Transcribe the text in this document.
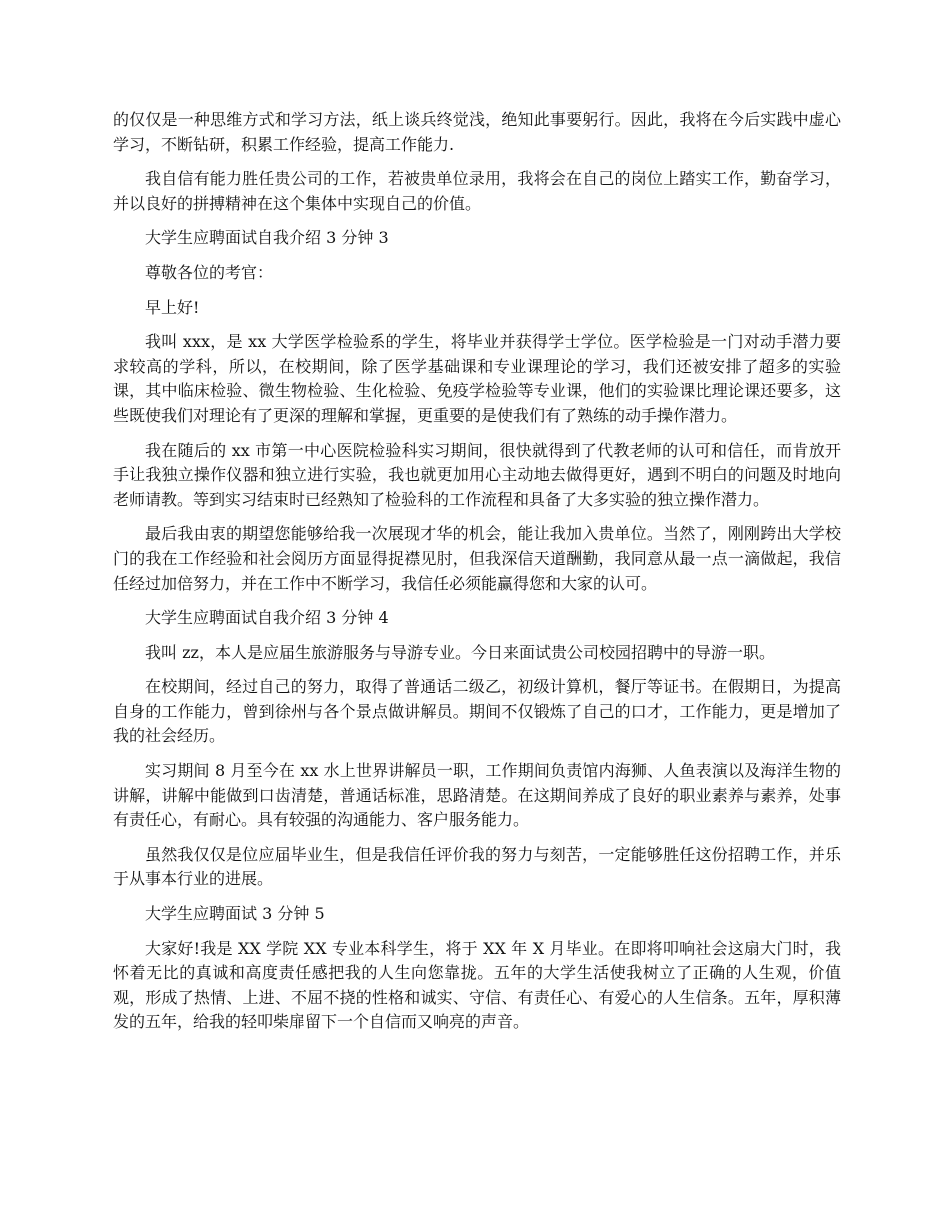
的仅仅是一种思维方式和学习方法，纸上谈兵终觉浅，绝知此事要躬行。因此，我将在今后实践中虚心学习，不断钻研，积累工作经验，提高工作能力.

我自信有能力胜任贵公司的工作，若被贵单位录用，我将会在自己的岗位上踏实工作，勤奋学习，并以良好的拼搏精神在这个集体中实现自己的价值。

大学生应聘面试自我介绍 3 分钟 3

尊敬各位的考官：

早上好!

我叫 xxx，是 xx 大学医学检验系的学生，将毕业并获得学士学位。医学检验是一门对动手潜力要求较高的学科，所以，在校期间，除了医学基础课和专业课理论的学习，我们还被安排了超多的实验课，其中临床检验、微生物检验、生化检验、免疫学检验等专业课，他们的实验课比理论课还要多，这些既使我们对理论有了更深的理解和掌握，更重要的是使我们有了熟练的动手操作潜力。

我在随后的 xx 市第一中心医院检验科实习期间，很快就得到了代教老师的认可和信任，而肯放开手让我独立操作仪器和独立进行实验，我也就更加用心主动地去做得更好，遇到不明白的问题及时地向老师请教。等到实习结束时已经熟知了检验科的工作流程和具备了大多实验的独立操作潜力。

最后我由衷的期望您能够给我一次展现才华的机会，能让我加入贵单位。当然了，刚刚跨出大学校门的我在工作经验和社会阅历方面显得捉襟见肘，但我深信天道酬勤，我同意从最一点一滴做起，我信任经过加倍努力，并在工作中不断学习，我信任必须能赢得您和大家的认可。

大学生应聘面试自我介绍 3 分钟 4

我叫 zz，本人是应届生旅游服务与导游专业。今日来面试贵公司校园招聘中的导游一职。

在校期间，经过自己的努力，取得了普通话二级乙，初级计算机，餐厅等证书。在假期日，为提高自身的工作能力，曾到徐州与各个景点做讲解员。期间不仅锻炼了自己的口才，工作能力，更是增加了我的社会经历。

实习期间 8 月至今在 xx 水上世界讲解员一职，工作期间负责馆内海狮、人鱼表演以及海洋生物的讲解，讲解中能做到口齿清楚，普通话标准，思路清楚。在这期间养成了良好的职业素养与素养，处事有责任心，有耐心。具有较强的沟通能力、客户服务能力。

虽然我仅仅是位应届毕业生，但是我信任评价我的努力与刻苦，一定能够胜任这份招聘工作，并乐于从事本行业的进展。

大学生应聘面试 3 分钟 5

大家好!我是 XX 学院 XX 专业本科学生，将于 XX 年 X 月毕业。在即将叩响社会这扇大门时，我怀着无比的真诚和高度责任感把我的人生向您靠拢。五年的大学生活使我树立了正确的人生观，价值观，形成了热情、上进、不屈不挠的性格和诚实、守信、有责任心、有爱心的人生信条。五年，厚积薄发的五年，给我的轻叩柴扉留下一个自信而又响亮的声音。
